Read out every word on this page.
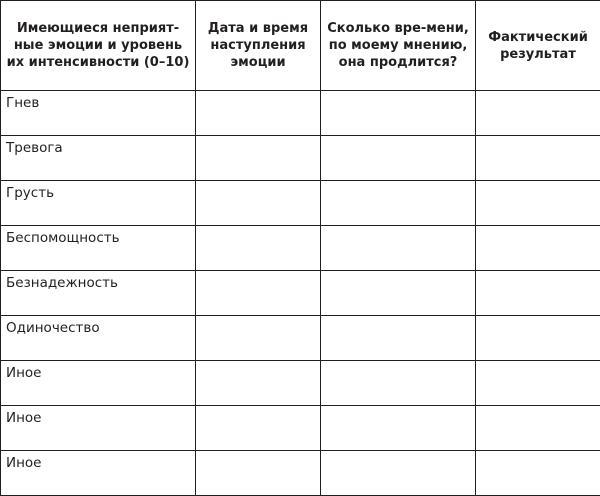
Имеющиеся неприят-ные эмоции и уровень их интенсивности (0–10)	Дата и время наступления эмоции	Сколько вре-мени, по моему мнению, она продлится?	Фактический результат

Гнев			

Тревога			

Грусть			

Беспомощность			

Безнадежность			

Одиночество			

Иное			

Иное			

Иное			
